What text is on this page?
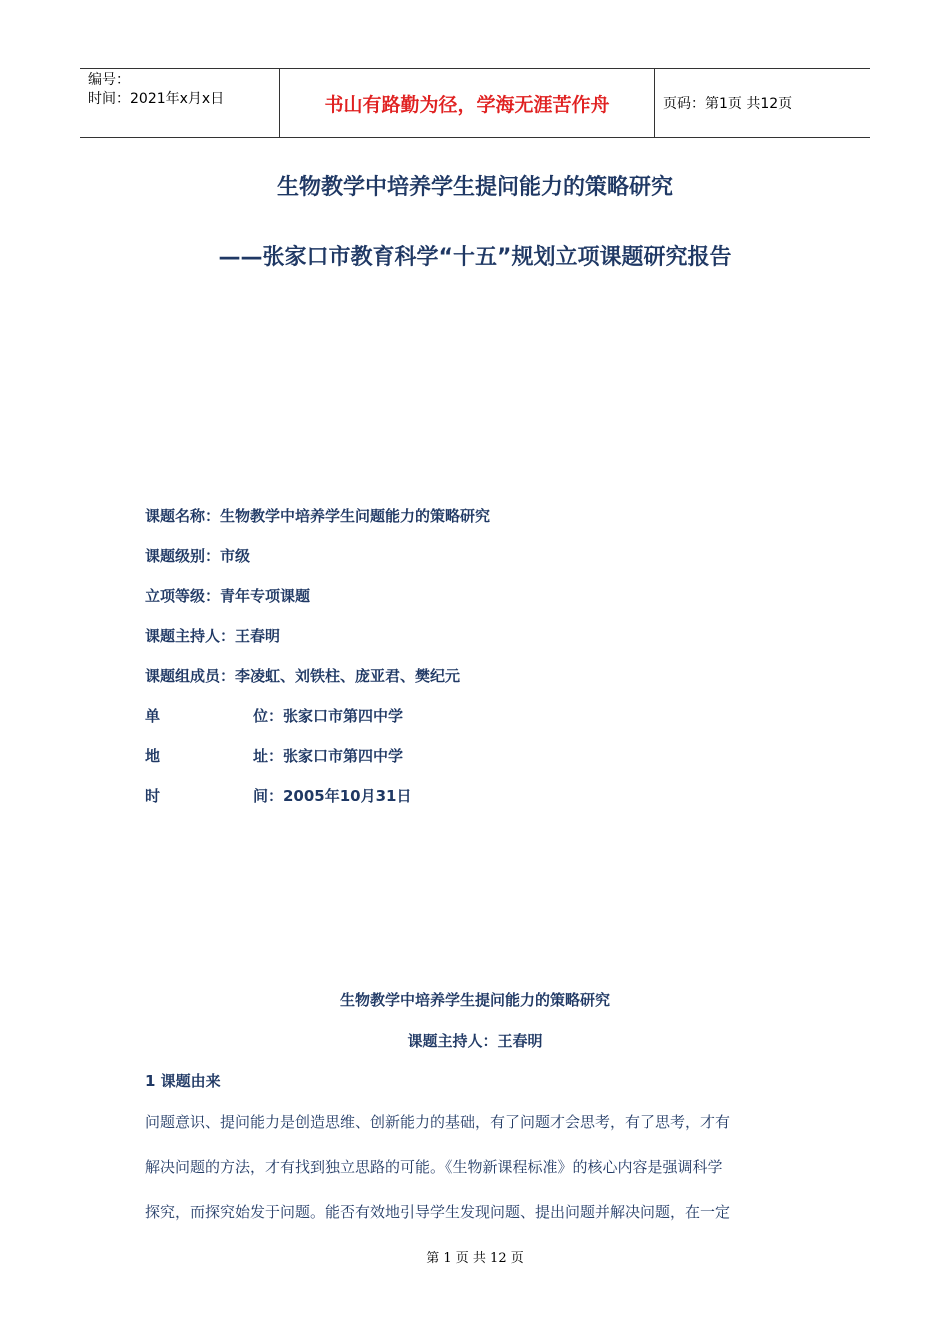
编号：
时间：2021年x月x日	书山有路勤为径，学海无涯苦作舟	页码：第1页 共12页
生物教学中培养学生提问能力的策略研究
——张家口市教育科学“十五”规划立项课题研究报告
课题名称：生物教学中培养学生问题能力的策略研究
课题级别：市级
立项等级：青年专项课题
课题主持人：王春明
课题组成员：李凌虹、刘铁柱、庞亚君、樊纪元
单	位：张家口市第四中学
地	址：张家口市第四中学
时	间：2005年10月31日
生物教学中培养学生提问能力的策略研究
课题主持人：王春明
1 课题由来
问题意识、提问能力是创造思维、创新能力的基础，有了问题才会思考，有了思考，才有
解决问题的方法，才有找到独立思路的可能。《生物新课程标准》的核心内容是强调科学
探究，而探究始发于问题。能否有效地引导学生发现问题、提出问题并解决问题，在一定
第 1 页 共 12 页
